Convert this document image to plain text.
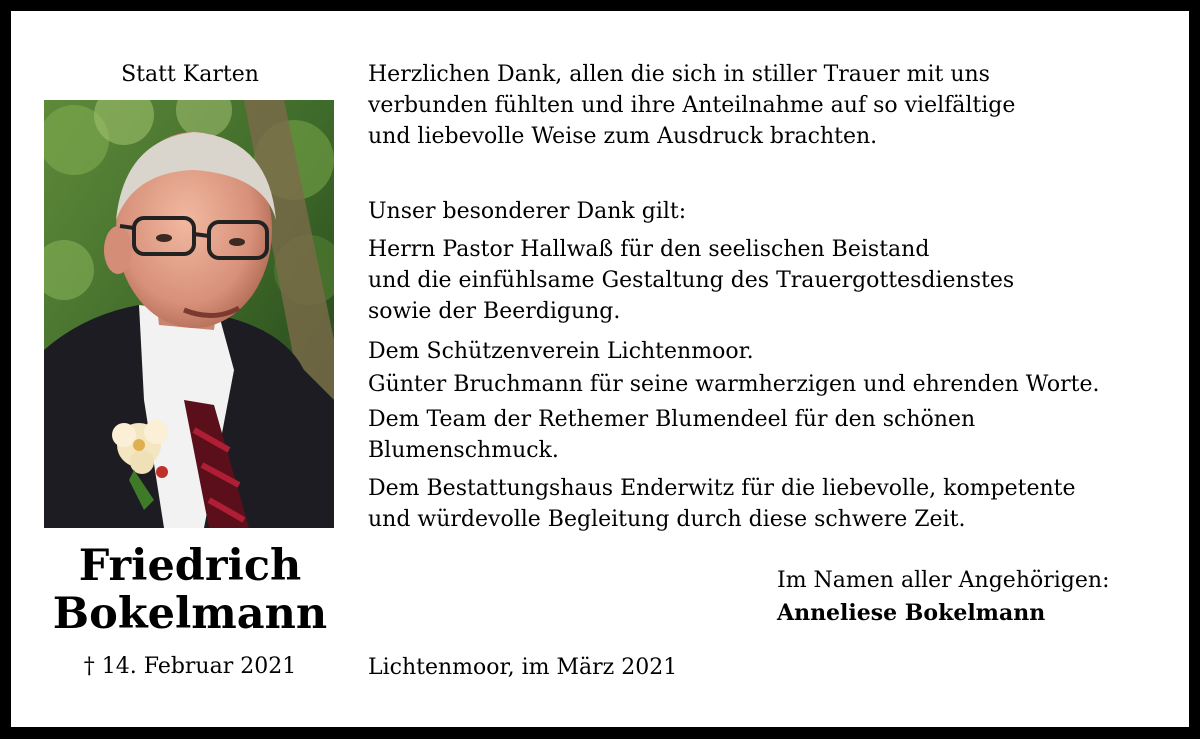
Statt Karten
Friedrich
Bokelmann
† 14. Februar 2021
Herzlichen Dank, allen die sich in stiller Trauer mit uns
verbunden fühlten und ihre Anteilnahme auf so vielfältige
und liebevolle Weise zum Ausdruck brachten.
Unser besonderer Dank gilt:
Herrn Pastor Hallwaß für den seelischen Beistand
und die einfühlsame Gestaltung des Trauergottesdienstes
sowie der Beerdigung.
Dem Schützenverein Lichtenmoor.
Günter Bruchmann für seine warmherzigen und ehrenden Worte.
Dem Team der Rethemer Blumendeel für den schönen
Blumenschmuck.
Dem Bestattungshaus Enderwitz für die liebevolle, kompetente
und würdevolle Begleitung durch diese schwere Zeit.
Im Namen aller Angehörigen:
Anneliese Bokelmann
Lichtenmoor, im März 2021
